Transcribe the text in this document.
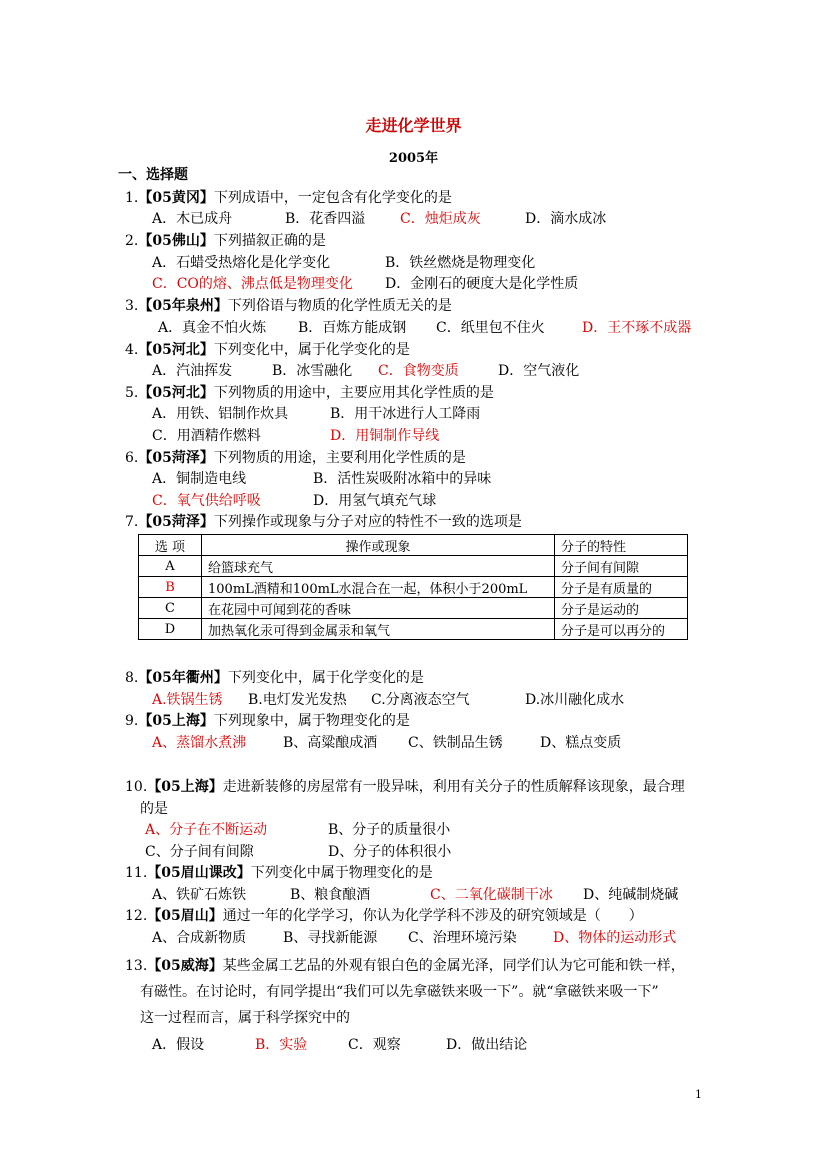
走进化学世界
2005年
一、选择题
1.【05黄冈】下列成语中，一定包含有化学变化的是
A．木已成舟	B．花香四溢 C．烛炬成灰	D．滴水成冰
2.【05佛山】下列描叙正确的是
A．石蜡受热熔化是化学变化	B．铁丝燃烧是物理变化
C．CO的熔、沸点低是物理变化 D．金刚石的硬度大是化学性质
3.【05年泉州】下列俗语与物质的化学性质无关的是
A．真金不怕火炼 B．百炼方能成钢 C．纸里包不住火	D．王不琢不成器
4.【05河北】下列变化中，属于化学变化的是
A．汽油挥发	B．冰雪融化 C．食物变质	D．空气液化
5.【05河北】下列物质的用途中，主要应用其化学性质的是
A．用铁、铝制作炊具	B．用干冰进行人工降雨
C．用酒精作燃料	D．用铜制作导线
6.【05菏泽】下列物质的用途，主要利用化学性质的是
A．铜制造电线	B．活性炭吸附冰箱中的异味
C．氧气供给呼吸	D．用氢气填充气球
7.【05菏泽】下列操作或现象与分子对应的特性不一致的选项是
选 项	操作或现象	分子的特性
A	给篮球充气	分子间有间隙
B	100mL酒精和100mL水混合在一起，体积小于200mL	分子是有质量的
C	在花园中可闻到花的香味	分子是运动的
D	加热氧化汞可得到金属汞和氧气	分子是可以再分的
8.【05年衢州】下列变化中，属于化学变化的是
A.铁锅生锈 B.电灯发光发热 C.分离液态空气	D.冰川融化成水
9.【05上海】下列现象中，属于物理变化的是
A、蒸馏水煮沸	B、高粱酿成酒 C、铁制品生锈	D、糕点变质
10.【05上海】走进新装修的房屋常有一股异味，利用有关分子的性质解释该现象，最合理
的是
A、分子在不断运动	B、分子的质量很小
C、分子间有间隙	D、分子的体积很小
11.【05眉山课改】下列变化中属于物理变化的是
A、铁矿石炼铁	B、粮食酿酒	C、二氧化碳制干冰 D、纯碱制烧碱
12.【05眉山】通过一年的化学学习，你认为化学学科不涉及的研究领域是（　　）
A、合成新物质	B、寻找新能源 C、治理环境污染	D、物体的运动形式
13.【05威海】某些金属工艺品的外观有银白色的金属光泽，同学们认为它可能和铁一样，
有磁性。在讨论时，有同学提出“我们可以先拿磁铁来吸一下”。就“拿磁铁来吸一下”
这一过程而言，属于科学探究中的
A．假设	B．实验	C．观察	D．做出结论
1
